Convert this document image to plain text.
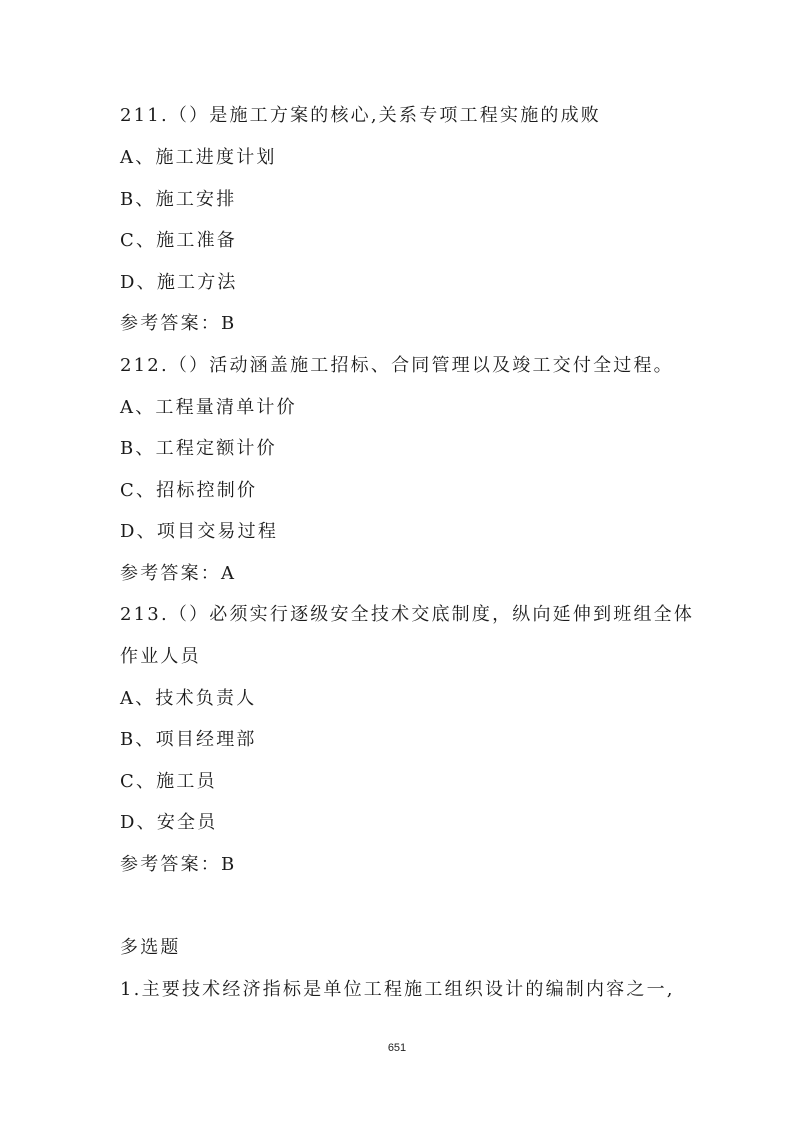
211.（）是施工方案的核心,关系专项工程实施的成败

A、施工进度计划

B、施工安排

C、施工准备

D、施工方法

参考答案：B

212.（）活动涵盖施工招标、合同管理以及竣工交付全过程。

A、工程量清单计价

B、工程定额计价

C、招标控制价

D、项目交易过程

参考答案：A

213.（）必须实行逐级安全技术交底制度，纵向延伸到班组全体

作业人员

A、技术负责人

B、项目经理部

C、施工员

D、安全员

参考答案：B

多选题

1.主要技术经济指标是单位工程施工组织设计的编制内容之一,

651
